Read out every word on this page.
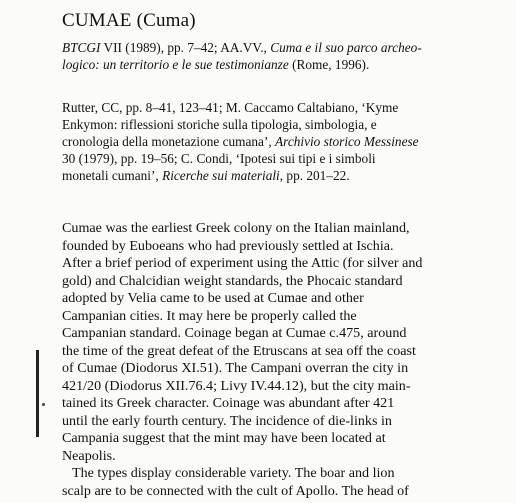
CUMAE (Cuma)
BTCGI VII (1989), pp. 7–42; AA.VV., Cuma e il suo parco archeo-
logico: un territorio e le sue testimonianze (Rome, 1996).
Rutter, CC, pp. 8–41, 123–41; M. Caccamo Caltabiano, ‘Kyme
Enkymon: riflessioni storiche sulla tipologia, simbologia, e
cronologia della monetazione cumana’, Archivio storico Messinese
30 (1979), pp. 19–56; C. Condi, ‘Ipotesi sui tipi e i simboli
monetali cumani’, Ricerche sui materiali, pp. 201–22.
Cumae was the earliest Greek colony on the Italian mainland,
founded by Euboeans who had previously settled at Ischia.
After a brief period of experiment using the Attic (for silver and
gold) and Chalcidian weight standards, the Phocaic standard
adopted by Velia came to be used at Cumae and other
Campanian cities. It may here be properly called the
Campanian standard. Coinage began at Cumae c.475, around
the time of the great defeat of the Etruscans at sea off the coast
of Cumae (Diodorus XI.51). The Campani overran the city in
421/20 (Diodorus XII.76.4; Livy IV.44.12), but the city main-
tained its Greek character. Coinage was abundant after 421
until the early fourth century. The incidence of die-links in
Campania suggest that the mint may have been located at
Neapolis.
The types display considerable variety. The boar and lion
scalp are to be connected with the cult of Apollo. The head of
